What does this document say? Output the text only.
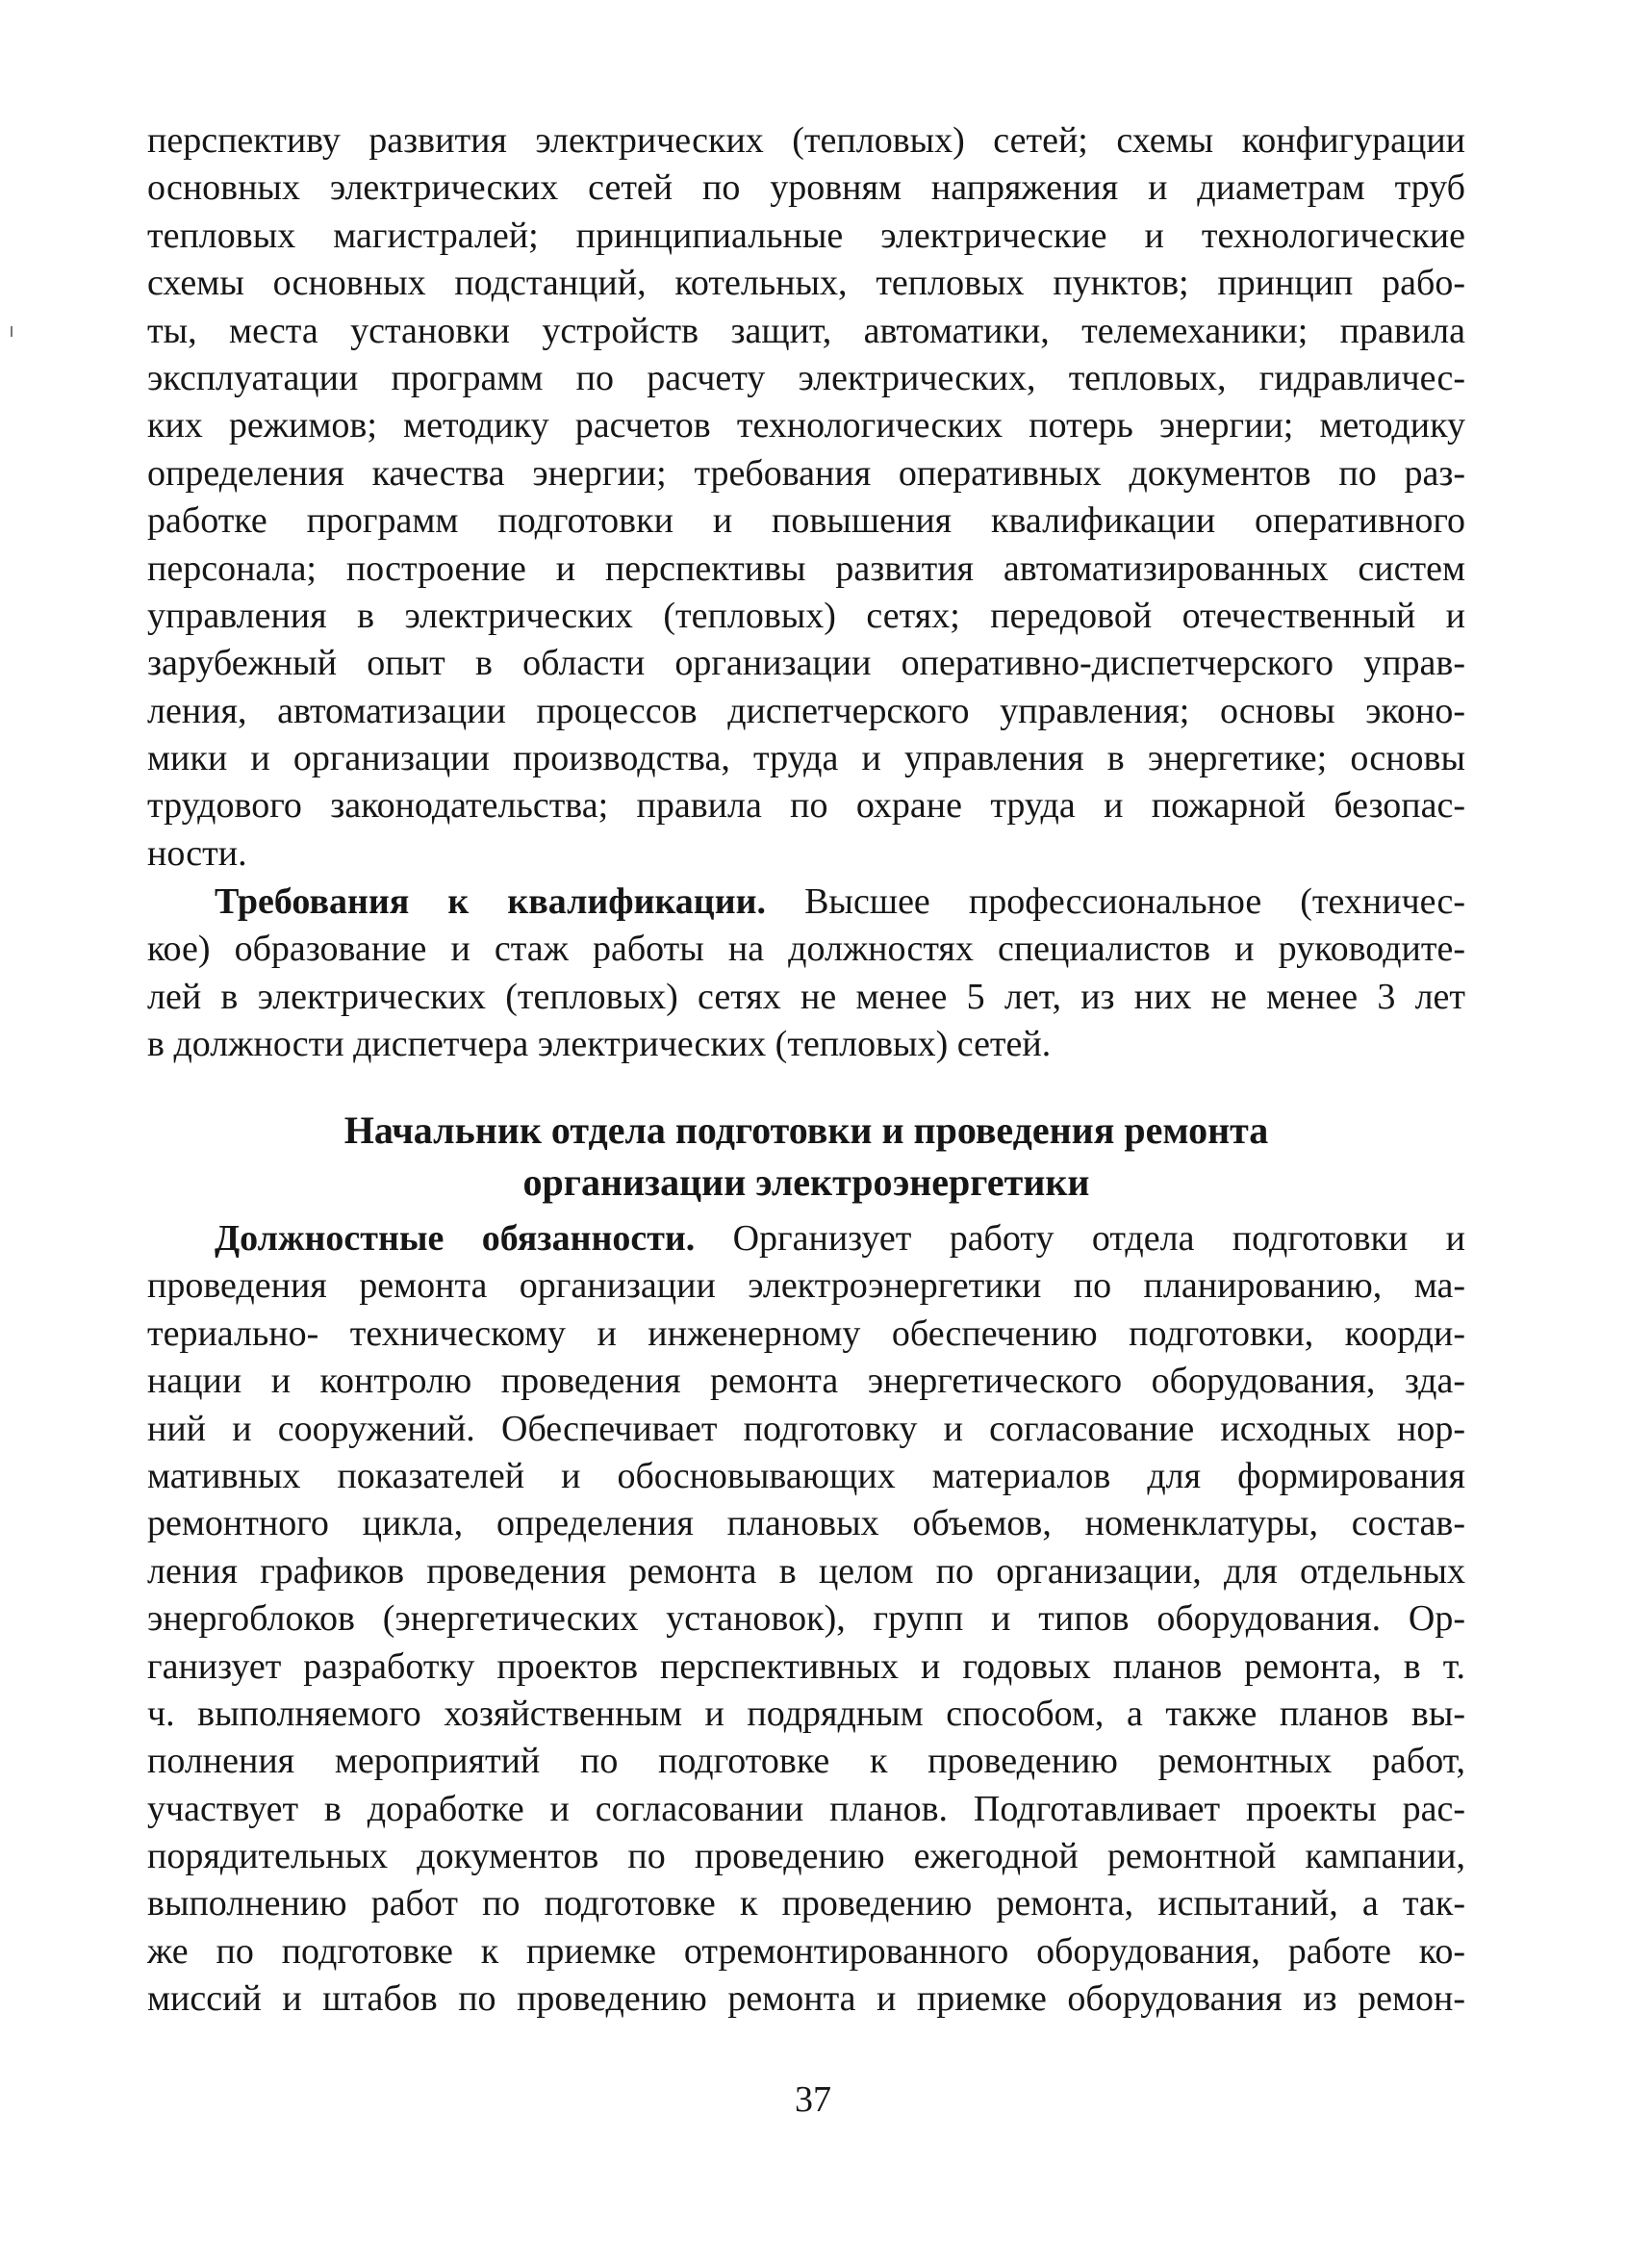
перспективу развития электрических (тепловых) сетей; схемы конфигурации
основных электрических сетей по уровням напряжения и диаметрам труб
тепловых магистралей; принципиальные электрические и технологические
схемы основных подстанций, котельных, тепловых пунктов; принцип рабо-
ты, места установки устройств защит, автоматики, телемеханики; правила
эксплуатации программ по расчету электрических, тепловых, гидравличес-
ких режимов; методику расчетов технологических потерь энергии; методику
определения качества энергии; требования оперативных документов по раз-
работке программ подготовки и повышения квалификации оперативного
персонала; построение и перспективы развития автоматизированных систем
управления в электрических (тепловых) сетях; передовой отечественный и
зарубежный опыт в области организации оперативно-диспетчерского управ-
ления, автоматизации процессов диспетчерского управления; основы эконо-
мики и организации производства, труда и управления в энергетике; основы
трудового законодательства; правила по охране труда и пожарной безопас-
ности.
Требования к квалификации. Высшее профессиональное (техничес-
кое) образование и стаж работы на должностях специалистов и руководите-
лей в электрических (тепловых) сетях не менее 5 лет, из них не менее 3 лет
в должности диспетчера электрических (тепловых) сетей.
Начальник отдела подготовки и проведения ремонта
организации электроэнергетики
Должностные обязанности. Организует работу отдела подготовки и
проведения ремонта организации электроэнергетики по планированию, ма-
териально- техническому и инженерному обеспечению подготовки, коорди-
нации и контролю проведения ремонта энергетического оборудования, зда-
ний и сооружений. Обеспечивает подготовку и согласование исходных нор-
мативных показателей и обосновывающих материалов для формирования
ремонтного цикла, определения плановых объемов, номенклатуры, состав-
ления графиков проведения ремонта в целом по организации, для отдельных
энергоблоков (энергетических установок), групп и типов оборудования. Ор-
ганизует разработку проектов перспективных и годовых планов ремонта, в т.
ч. выполняемого хозяйственным и подрядным способом, а также планов вы-
полнения мероприятий по подготовке к проведению ремонтных работ,
участвует в доработке и согласовании планов. Подготавливает проекты рас-
порядительных документов по проведению ежегодной ремонтной кампании,
выполнению работ по подготовке к проведению ремонта, испытаний, а так-
же по подготовке к приемке отремонтированного оборудования, работе ко-
миссий и штабов по проведению ремонта и приемке оборудования из ремон-
37
